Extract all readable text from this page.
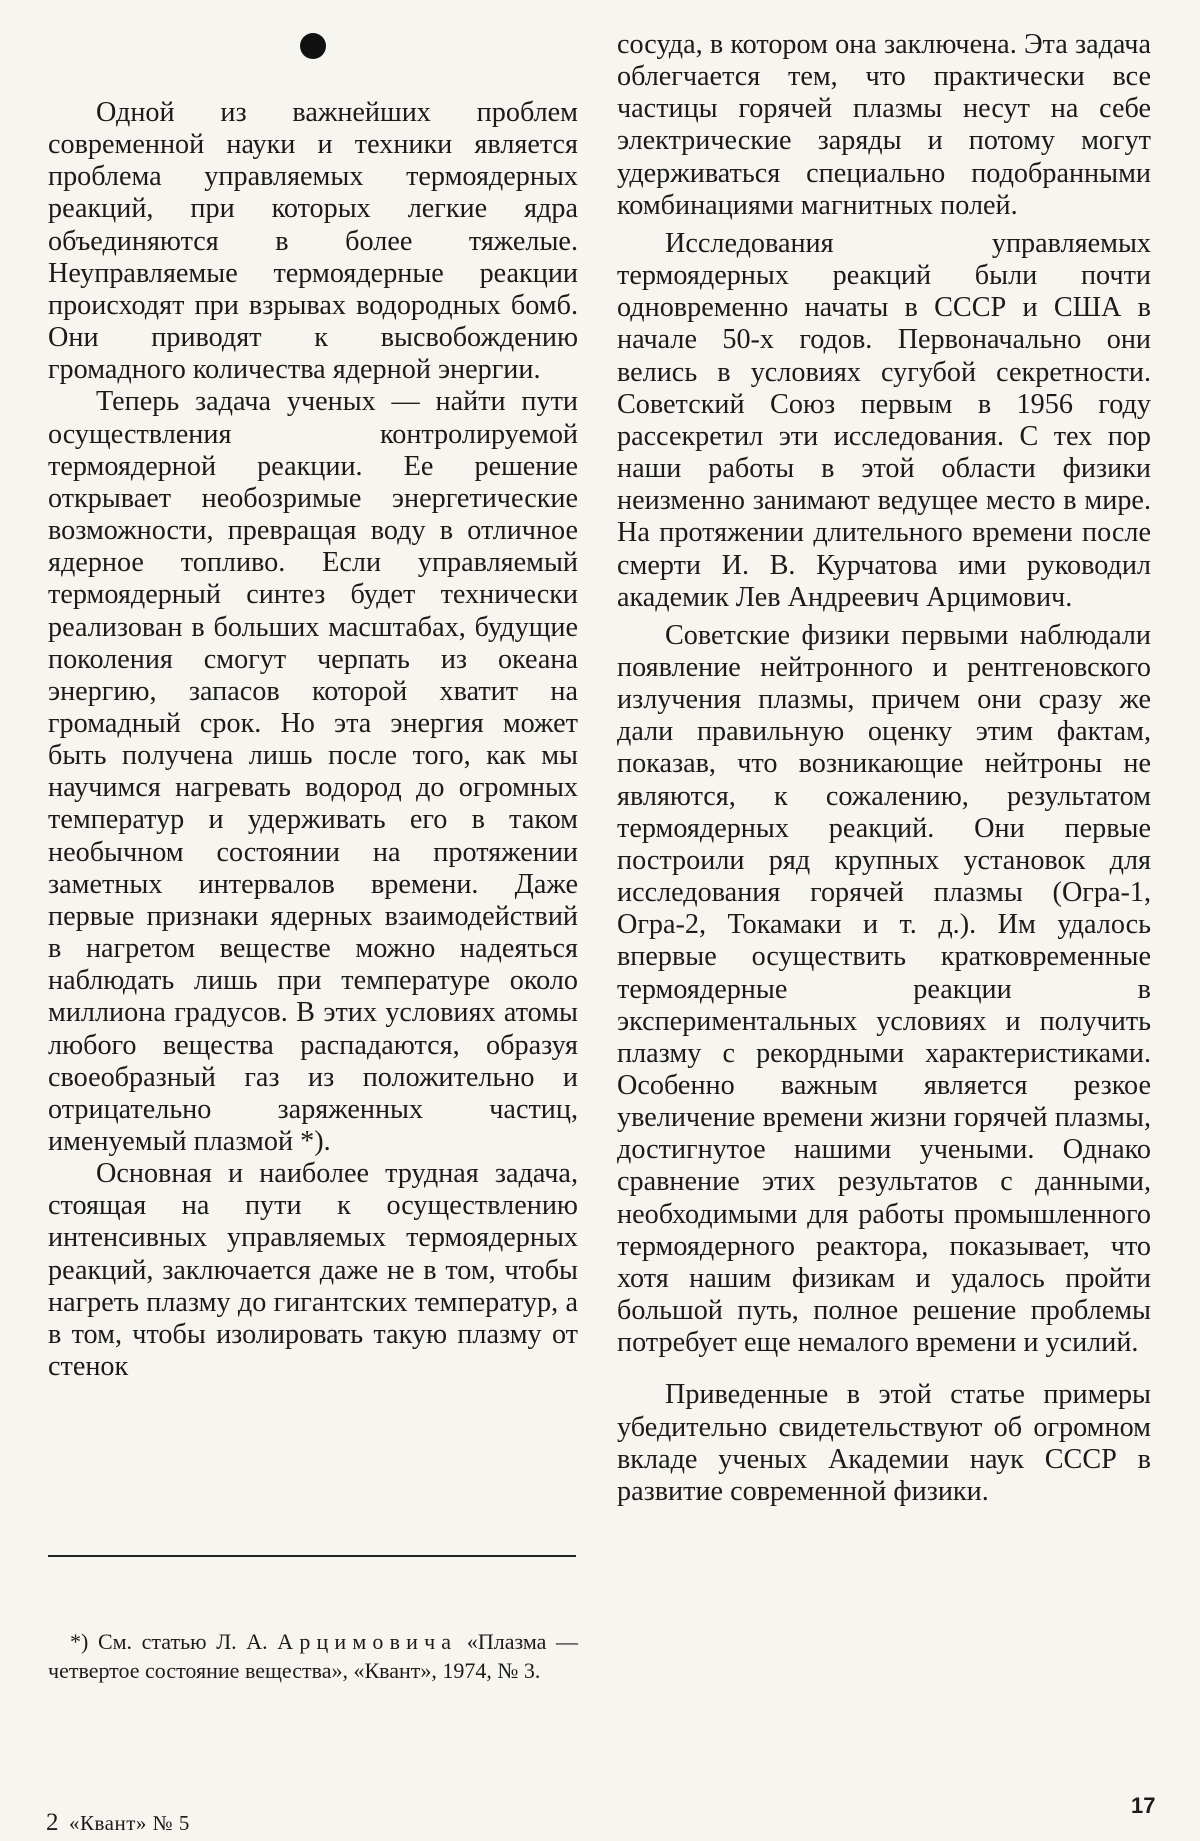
Одной из важнейших проблем современной науки и техники является проблема управляемых термоядерных реакций, при которых легкие ядра объединяются в более тяжелые. Неуправляемые термоядерные реакции происходят при взрывах водородных бомб. Они приводят к высвобождению громадного количества ядерной энергии.

Теперь задача ученых — найти пути осуществления контролируемой термоядерной реакции. Ее решение открывает необозримые энергетические возможности, превращая воду в отличное ядерное топливо. Если управляемый термоядерный синтез будет технически реализован в больших масштабах, будущие поколения смогут черпать из океана энергию, запасов которой хватит на громадный срок. Но эта энергия может быть получена лишь после того, как мы научимся нагревать водород до огромных температур и удерживать его в таком необычном состоянии на протяжении заметных интервалов времени. Даже первые признаки ядерных взаимодействий в нагретом веществе можно надеяться наблюдать лишь при температуре около миллиона градусов. В этих условиях атомы любого вещества распадаются, образуя своеобразный газ из положительно и отрицательно заряженных частиц, именуемый плазмой *).

Основная и наиболее трудная задача, стоящая на пути к осуществлению интенсивных управляемых термоядерных реакций, заключается даже не в том, чтобы нагреть плазму до гигантских температур, а в том, чтобы изолировать такую плазму от стенок

сосуда, в котором она заключена. Эта задача облегчается тем, что практически все частицы горячей плазмы несут на себе электрические заряды и потому могут удерживаться специально подобранными комбинациями магнитных полей.

Исследования управляемых термоядерных реакций были почти одновременно начаты в СССР и США в начале 50-х годов. Первоначально они велись в условиях сугубой секретности. Советский Союз первым в 1956 году рассекретил эти исследования. С тех пор наши работы в этой области физики неизменно занимают ведущее место в мире. На протяжении длительного времени после смерти И. В. Курчатова ими руководил академик Лев Андреевич Арцимович.

Советские физики первыми наблюдали появление нейтронного и рентгеновского излучения плазмы, причем они сразу же дали правильную оценку этим фактам, показав, что возникающие нейтроны не являются, к сожалению, результатом термоядерных реакций. Они первые построили ряд крупных установок для исследования горячей плазмы (Огра-1, Огра-2, Токамаки и т. д.). Им удалось впервые осуществить кратковременные термоядерные реакции в экспериментальных условиях и получить плазму с рекордными характеристиками. Особенно важным является резкое увеличение времени жизни горячей плазмы, достигнутое нашими учеными. Однако сравнение этих результатов с данными, необходимыми для работы промышленного термоядерного реактора, показывает, что хотя нашим физикам и удалось пройти большой путь, полное решение проблемы потребует еще немалого времени и усилий.

Приведенные в этой статье примеры убедительно свидетельствуют об огромном вкладе ученых Академии наук СССР в развитие современной физики.

*) См. статью Л. А. Арцимовича «Плазма — четвертое состояние вещества», «Квант», 1974, № 3.

2 «Квант» № 5
17
